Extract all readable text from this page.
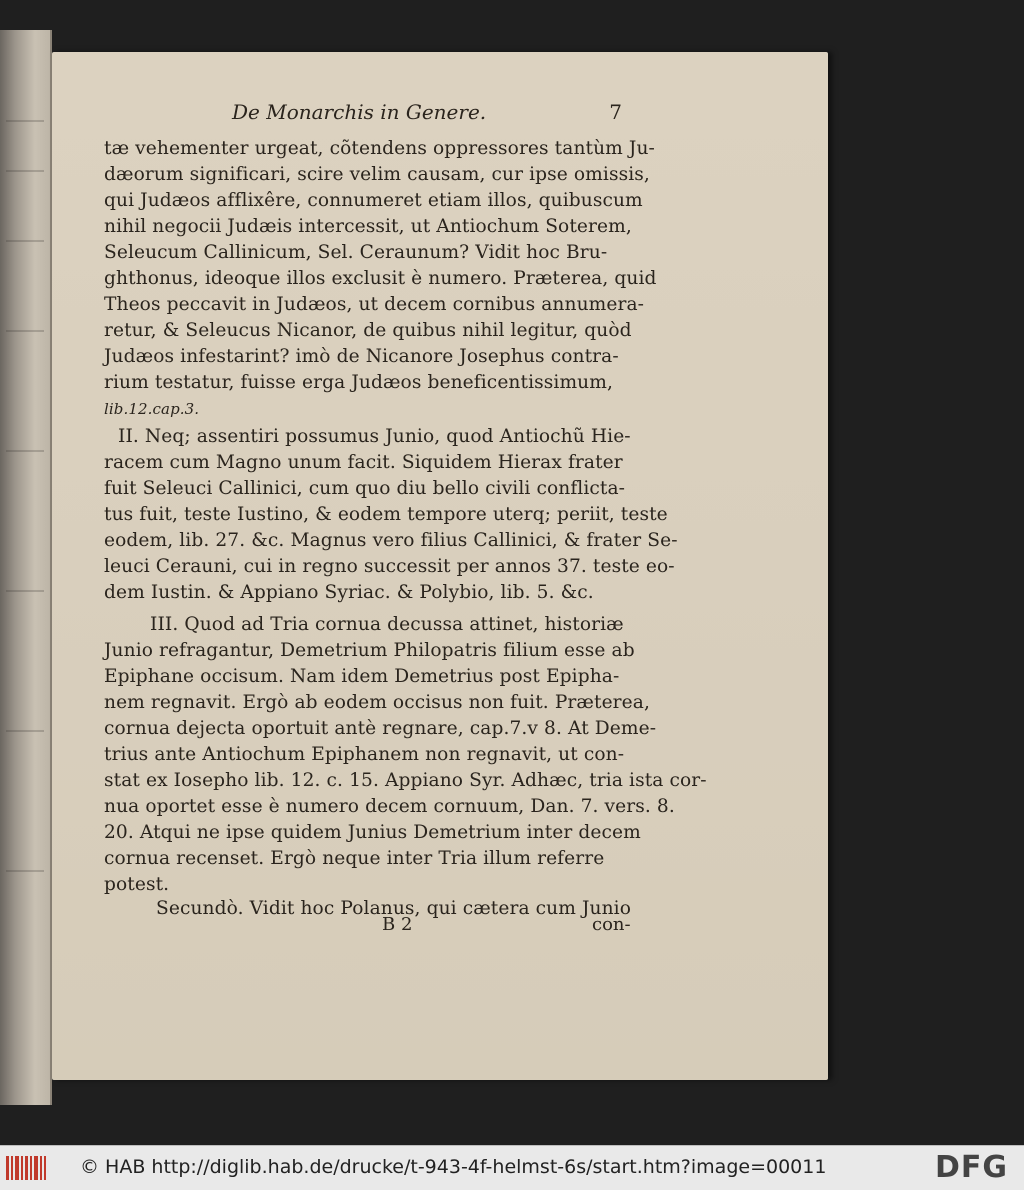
De Monarchis in Genere.	7
tæ vehementer urgeat, cõtendens oppressores tantùm Ju-
dæorum significari, scire velim causam, cur ipse omissis,
qui Judæos afflixêre, connumeret etiam illos, quibuscum
nihil negocii Judæis intercessit, ut Antiochum Soterem,
Seleucum Callinicum, Sel. Ceraunum? Vidit hoc Bru-
ghthonus, ideoque illos exclusit è numero. Præterea, quid
Theos peccavit in Judæos, ut decem cornibus annumera-
retur, & Seleucus Nicanor, de quibus nihil legitur, quòd
Judæos infestarint? imò de Nicanore Josephus contra-
rium testatur, fuisse erga Judæos beneficentissimum,
lib.12.cap.3.
II. Neq; assentiri possumus Junio, quod Antiochũ Hie-
racem cum Magno unum facit. Siquidem Hierax frater
fuit Seleuci Callinici, cum quo diu bello civili conflicta-
tus fuit, teste Iustino, & eodem tempore uterq; periit, teste
eodem, lib. 27. &c. Magnus vero filius Callinici, & frater Se-
leuci Cerauni, cui in regno successit per annos 37. teste eo-
dem Iustin. & Appiano Syriac. & Polybio, lib. 5. &c.
III. Quod ad Tria cornua decussa attinet, historiæ
Junio refragantur, Demetrium Philopatris filium esse ab
Epiphane occisum. Nam idem Demetrius post Epipha-
nem regnavit. Ergò ab eodem occisus non fuit. Præterea,
cornua dejecta oportuit antè regnare, cap.7.v 8. At Deme-
trius ante Antiochum Epiphanem non regnavit, ut con-
stat ex Iosepho lib. 12. c. 15. Appiano Syr. Adhæc, tria ista cor-
nua oportet esse è numero decem cornuum, Dan. 7. vers. 8.
20. Atqui ne ipse quidem Junius Demetrium inter decem
cornua recenset. Ergò neque inter Tria illum referre
potest.
Secundò. Vidit hoc Polanus, qui cætera cum Junio
B 2	con-
© HAB http://diglib.hab.de/drucke/t-943-4f-helmst-6s/start.htm?image=00011	DFG
